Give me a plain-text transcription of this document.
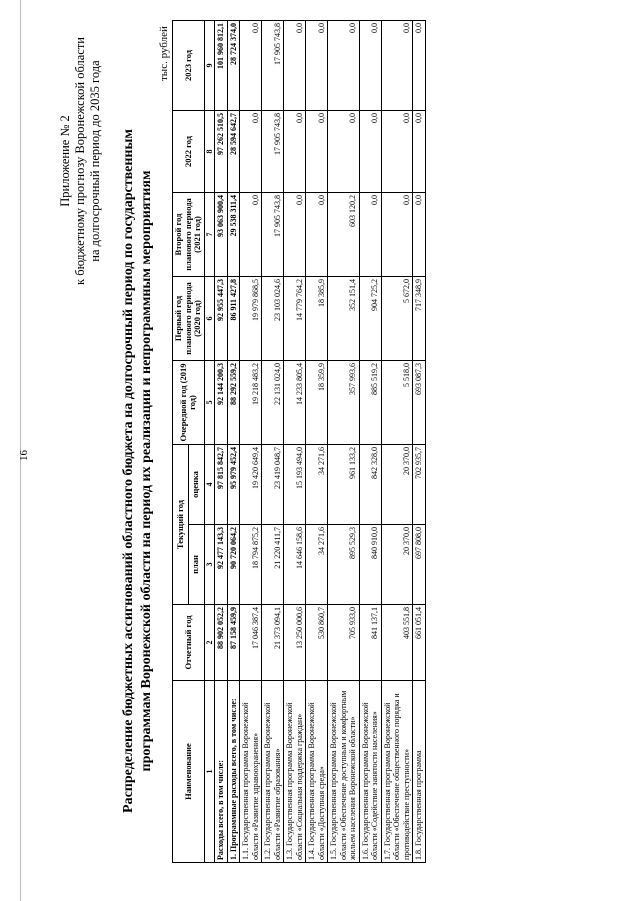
16
Приложение № 2 к бюджетному прогнозу Воронежской области на долгосрочный период до 2035 года Распределение бюджетных ассигнований областного бюджета на долгосрочный период по государственным программам Воронежской области на период их реализации и непрограммным мероприятиям
тыс. рублей
Наименование	Отчетный год	Текущий год		Очередной год (2019 год)	Первый год планового периода (2020 год)	Второй год планового периода (2021 год)	2022 год	2023 год
		план	оценка					
1	2	3	4	5	6	7	8	9
Расходы всего, в том числе:	88 902 052,2	92 477 143,3	97 815 842,7	92 144 200,3	92 955 447,3	93 063 900,4	97 262 510,5	101 960 812,1
1. Программные расходы всего, в том числе:	87 158 459,9	90 720 064,2	95 979 452,4	88 292 559,2	86 911 427,8	29 538 311,4	28 594 642,7	28 724 374,0
1.1. Государственная программа Воронежской области «Развитие здравоохранения»	17 046 387,4	18 794 875,2	19 420 649,4	19 218 483,2	19 979 868,5	0,0	0,0	0,0
1.2. Государственная программа Воронежской области «Развитие образования»	21 373 094,1	21 220 411,7	23 419 048,7	22 131 024,0	23 103 024,6	17 905 743,8	17 905 743,8	17 905 743,8
1.3. Государственная программа Воронежской области «Социальная поддержка граждан»	13 250 000,6	14 646 158,6	15 193 494,0	14 233 805,4	14 779 764,2	0,0	0,0	0,0
1.4. Государственная программа Воронежской области «Доступная среда»	530 860,7	34 271,6	34 271,6	18 359,9	18 385,9	0,0	0,0	0,0
1.5. Государственная программа Воронежской области «Обеспечение доступным и комфортным жильем населения Воронежской области»	705 933,0	895 529,3	961 133,2	357 993,6	352 151,4	603 120,2	0,0	0,0
1.6. Государственная программа Воронежской области «Содействие занятости населения»	841 137,1	840 910,0	842 328,0	885 519,2	904 725,2	0,0	0,0	0,0
1.7. Государственная программа Воронежской области «Обеспечение общественного порядка и противодействие преступности»	403 551,8	20 370,0	20 370,0	5 518,0	5 672,0	0,0	0,0	0,0
1.8. Государственная программа	661 051,4	697 808,0	702 935,7	693 087,3	717 348,9	0,0	0,0	0,0
